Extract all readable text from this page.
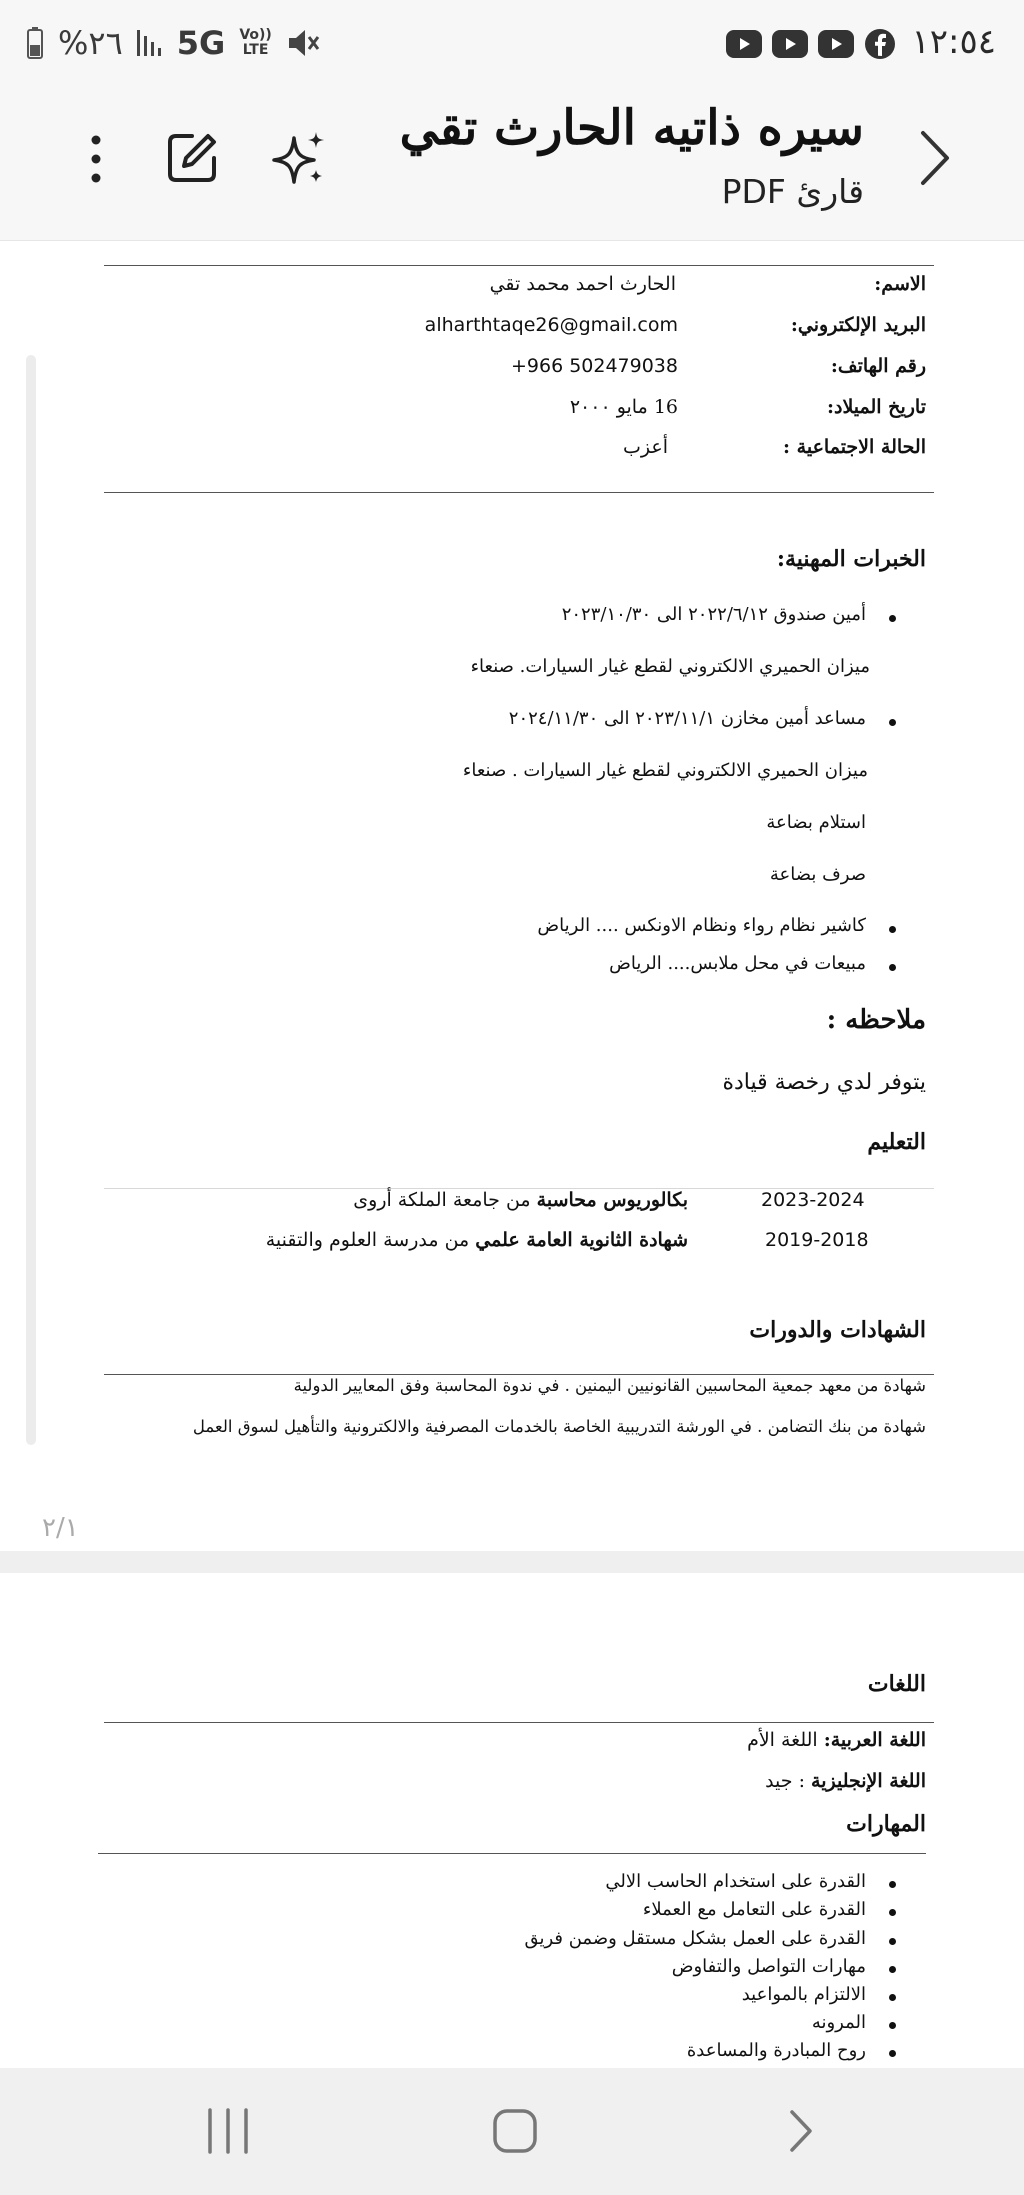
%٢٦ 5G Vo))
LTE	١٢:٥٤
سيره ذاتيه الحارث تقي
قارئ PDF
الاسم:
الحارث احمد محمد تقي
البريد الإلكتروني:
alharthtaqe26@gmail.com
رقم الهاتف:
+966 502479038
تاريخ الميلاد:
16 مايو ٢٠٠٠
الحالة الاجتماعية :
أعزب
الخبرات المهنية:
أمين صندوق ٢٠٢٢/٦/١٢ الى ٢٠٢٣/١٠/٣٠
ميزان الحميري الالكتروني لقطع غيار السيارات. صنعاء
مساعد أمين مخازن ٢٠٢٣/١١/١ الى ٢٠٢٤/١١/٣٠
ميزان الحميري الالكتروني لقطع غيار السيارات . صنعاء
استلام بضاعة
صرف بضاعة
كاشير نظام رواء ونظام الاونكس .... الرياض
مبيعات في محل ملابس.... الرياض
ملاحظه :
يتوفر لدي رخصة قيادة
التعليم
2023-2024
بكالوريوس محاسبة من جامعة الملكة أروى
2019-2018
شهادة الثانوية العامة علمي من مدرسة العلوم والتقنية
الشهادات والدورات
شهادة من معهد جمعية المحاسبين القانونيين اليمنين . في ندوة المحاسبة وفق المعايير الدولية
شهادة من بنك التضامن . في الورشة التدريبية الخاصة بالخدمات المصرفية والالكترونية والتأهيل لسوق العمل
٢/١
اللغات
اللغة العربية: اللغة الأم
اللغة الإنجليزية : جيد
المهارات
القدرة على استخدام الحاسب الالي
القدرة على التعامل مع العملاء
القدرة على العمل بشكل مستقل وضمن فريق
مهارات التواصل والتفاوض
الالتزام بالمواعيد
المرونه
روح المبادرة والمساعدة
